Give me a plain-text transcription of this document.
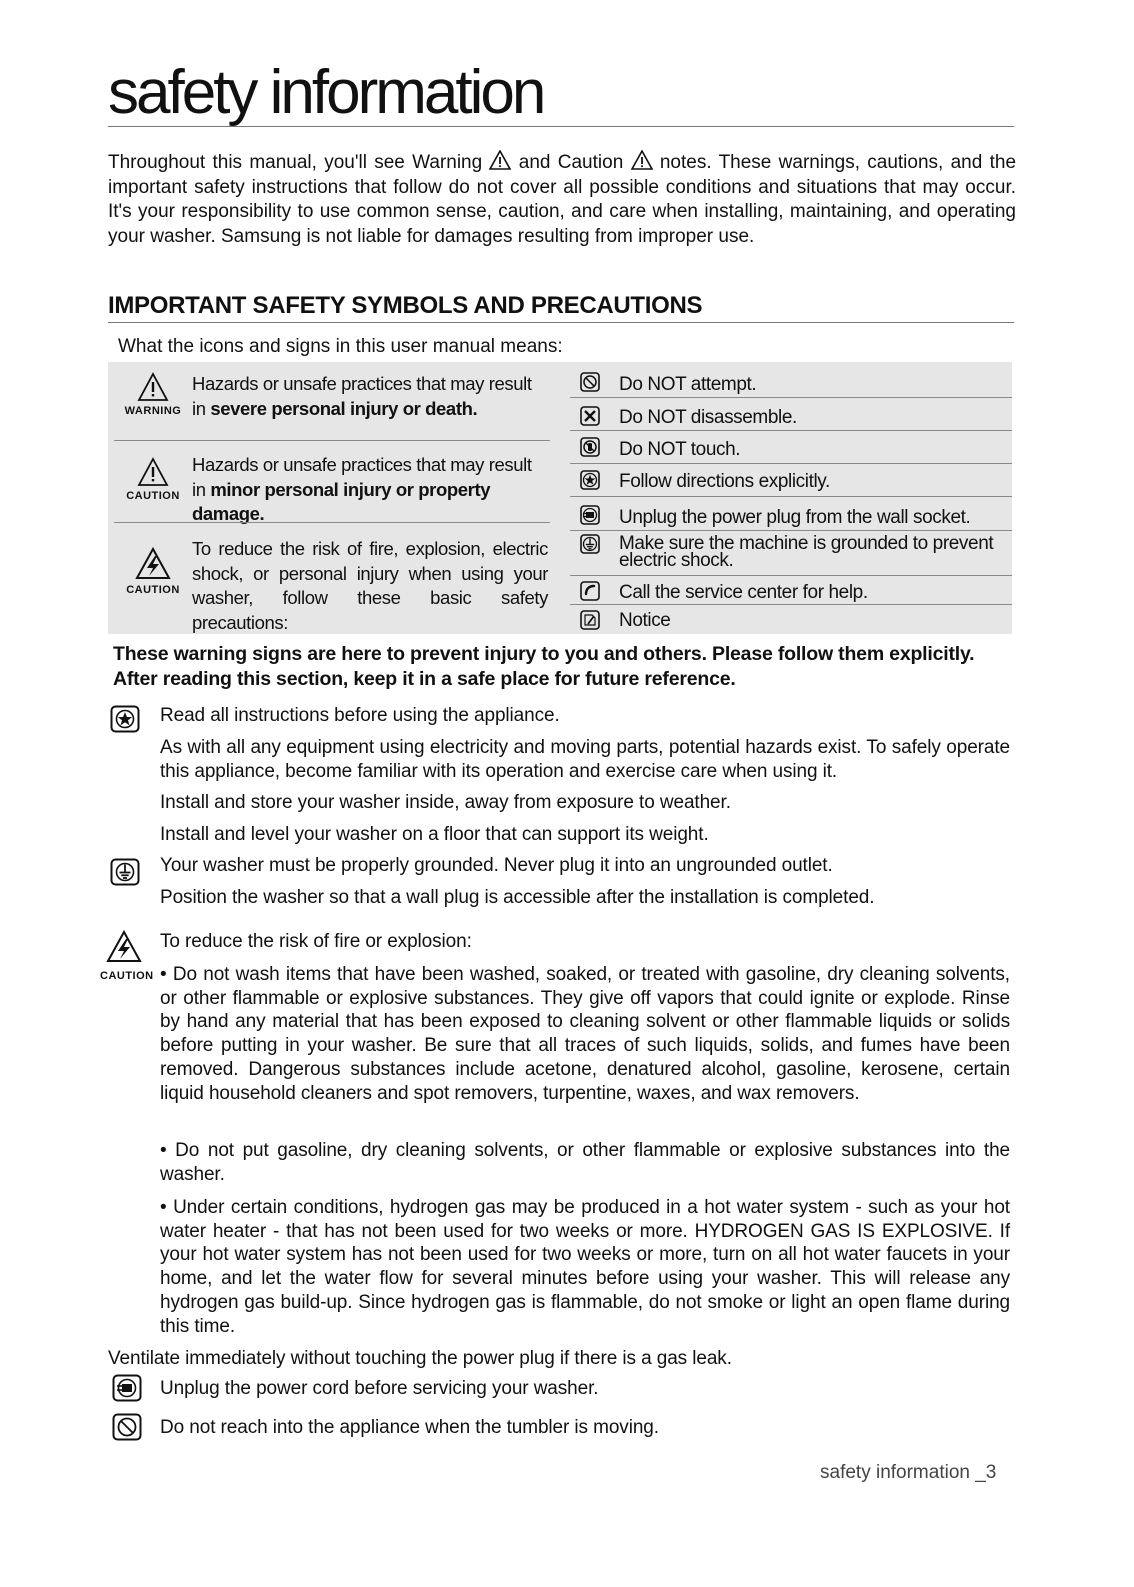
safety information
Throughout this manual, you'll see Warning and Caution notes. These warnings, cautions, and the important safety instructions that follow do not cover all possible conditions and situations that may occur. It's your responsibility to use common sense, caution, and care when installing, maintaining, and operating your washer. Samsung is not liable for damages resulting from improper use.
IMPORTANT SAFETY SYMBOLS AND PRECAUTIONS
What the icons and signs in this user manual means:
WARNING
Hazards or unsafe practices that may result in severe personal injury or death.
CAUTION
Hazards or unsafe practices that may result in minor personal injury or property damage.
CAUTION
To reduce the risk of fire, explosion, electric shock, or personal injury when using your washer, follow these basic safety precautions:
Do NOT attempt.
Do NOT disassemble.
Do NOT touch.
Follow directions explicitly.
Unplug the power plug from the wall socket.
Make sure the machine is grounded to prevent electric shock.
Call the service center for help.
Notice
These warning signs are here to prevent injury to you and others. Please follow them explicitly. After reading this section, keep it in a safe place for future reference.
Read all instructions before using the appliance.
As with all any equipment using electricity and moving parts, potential hazards exist. To safely operate this appliance, become familiar with its operation and exercise care when using it.
Install and store your washer inside, away from exposure to weather.
Install and level your washer on a floor that can support its weight.
Your washer must be properly grounded. Never plug it into an ungrounded outlet.
Position the washer so that a wall plug is accessible after the installation is completed.
CAUTION
To reduce the risk of fire or explosion:
• Do not wash items that have been washed, soaked, or treated with gasoline, dry cleaning solvents, or other flammable or explosive substances. They give off vapors that could ignite or explode. Rinse by hand any material that has been exposed to cleaning solvent or other flammable liquids or solids before putting in your washer. Be sure that all traces of such liquids, solids, and fumes have been removed. Dangerous substances include acetone, denatured alcohol, gasoline, kerosene, certain liquid household cleaners and spot removers, turpentine, waxes, and wax removers.
• Do not put gasoline, dry cleaning solvents, or other flammable or explosive substances into the washer.
• Under certain conditions, hydrogen gas may be produced in a hot water system - such as your hot water heater - that has not been used for two weeks or more. HYDROGEN GAS IS EXPLOSIVE. If your hot water system has not been used for two weeks or more, turn on all hot water faucets in your home, and let the water flow for several minutes before using your washer. This will release any hydrogen gas build-up. Since hydrogen gas is flammable, do not smoke or light an open flame during this time.
Ventilate immediately without touching the power plug if there is a gas leak.
Unplug the power cord before servicing your washer.
Do not reach into the appliance when the tumbler is moving.
safety information _3
